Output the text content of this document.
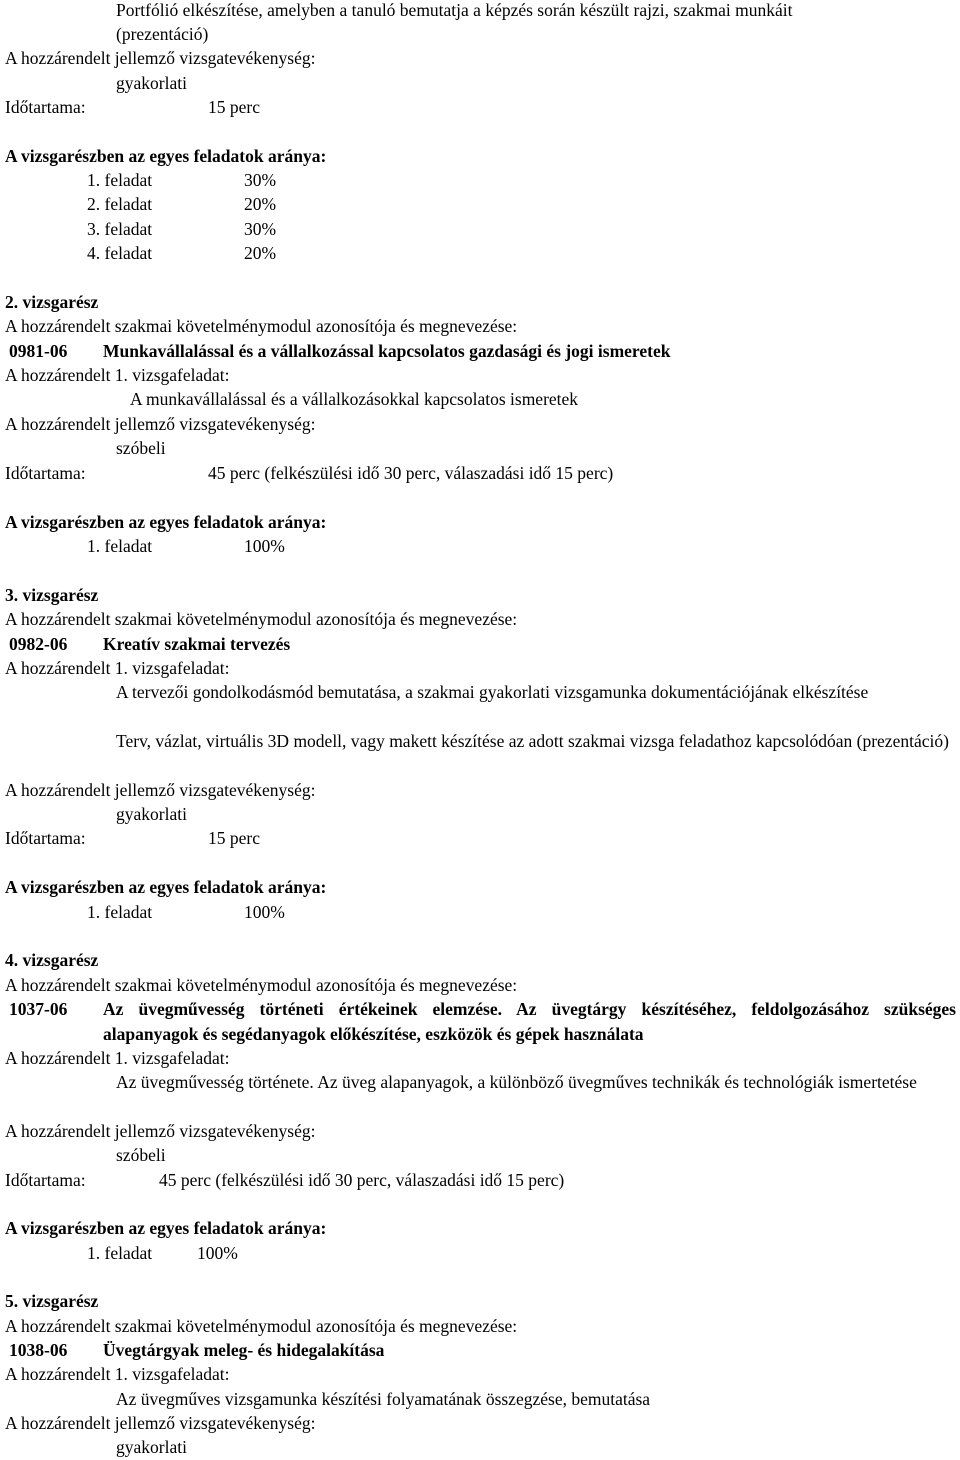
Portfólió elkészítése, amelyben a tanuló bemutatja a képzés során készült rajzi, szakmai munkáit
(prezentáció)
A hozzárendelt jellemző vizsgatevékenység:
gyakorlati
Időtartama:	15 perc
A vizsgarészben az egyes feladatok aránya:
1. feladat	30%
2. feladat	20%
3. feladat	30%
4. feladat	20%
2. vizsgarész
A hozzárendelt szakmai követelménymodul azonosítója és megnevezése:
0981-06 Munkavállalással és a vállalkozással kapcsolatos gazdasági és jogi ismeretek
A hozzárendelt 1. vizsgafeladat:
A munkavállalással és a vállalkozásokkal kapcsolatos ismeretek
A hozzárendelt jellemző vizsgatevékenység:
szóbeli
Időtartama:	45 perc (felkészülési idő 30 perc, válaszadási idő 15 perc)
A vizsgarészben az egyes feladatok aránya:
1. feladat	100%
3. vizsgarész
A hozzárendelt szakmai követelménymodul azonosítója és megnevezése:
0982-06 Kreatív szakmai tervezés
A hozzárendelt 1. vizsgafeladat:
A tervezői gondolkodásmód bemutatása, a szakmai gyakorlati vizsgamunka dokumentációjának elkészítése
Terv, vázlat, virtuális 3D modell, vagy makett készítése az adott szakmai vizsga feladathoz kapcsolódóan (prezentáció)
A hozzárendelt jellemző vizsgatevékenység:
gyakorlati
Időtartama:	15 perc
A vizsgarészben az egyes feladatok aránya:
1. feladat	100%
4. vizsgarész
A hozzárendelt szakmai követelménymodul azonosítója és megnevezése:
1037-06 Az üvegművesség történeti értékeinek elemzése. Az üvegtárgy készítéséhez, feldolgozásához szükséges alapanyagok és segédanyagok előkészítése, eszközök és gépek használata
A hozzárendelt 1. vizsgafeladat:
Az üvegművesség története. Az üveg alapanyagok, a különböző üvegműves technikák és technológiák ismertetése
A hozzárendelt jellemző vizsgatevékenység:
szóbeli
Időtartama:	45 perc (felkészülési idő 30 perc, válaszadási idő 15 perc)
A vizsgarészben az egyes feladatok aránya:
1. feladat	100%
5. vizsgarész
A hozzárendelt szakmai követelménymodul azonosítója és megnevezése:
1038-06 Üvegtárgyak meleg- és hidegalakítása
A hozzárendelt 1. vizsgafeladat:
Az üvegműves vizsgamunka készítési folyamatának összegzése, bemutatása
A hozzárendelt jellemző vizsgatevékenység:
gyakorlati
